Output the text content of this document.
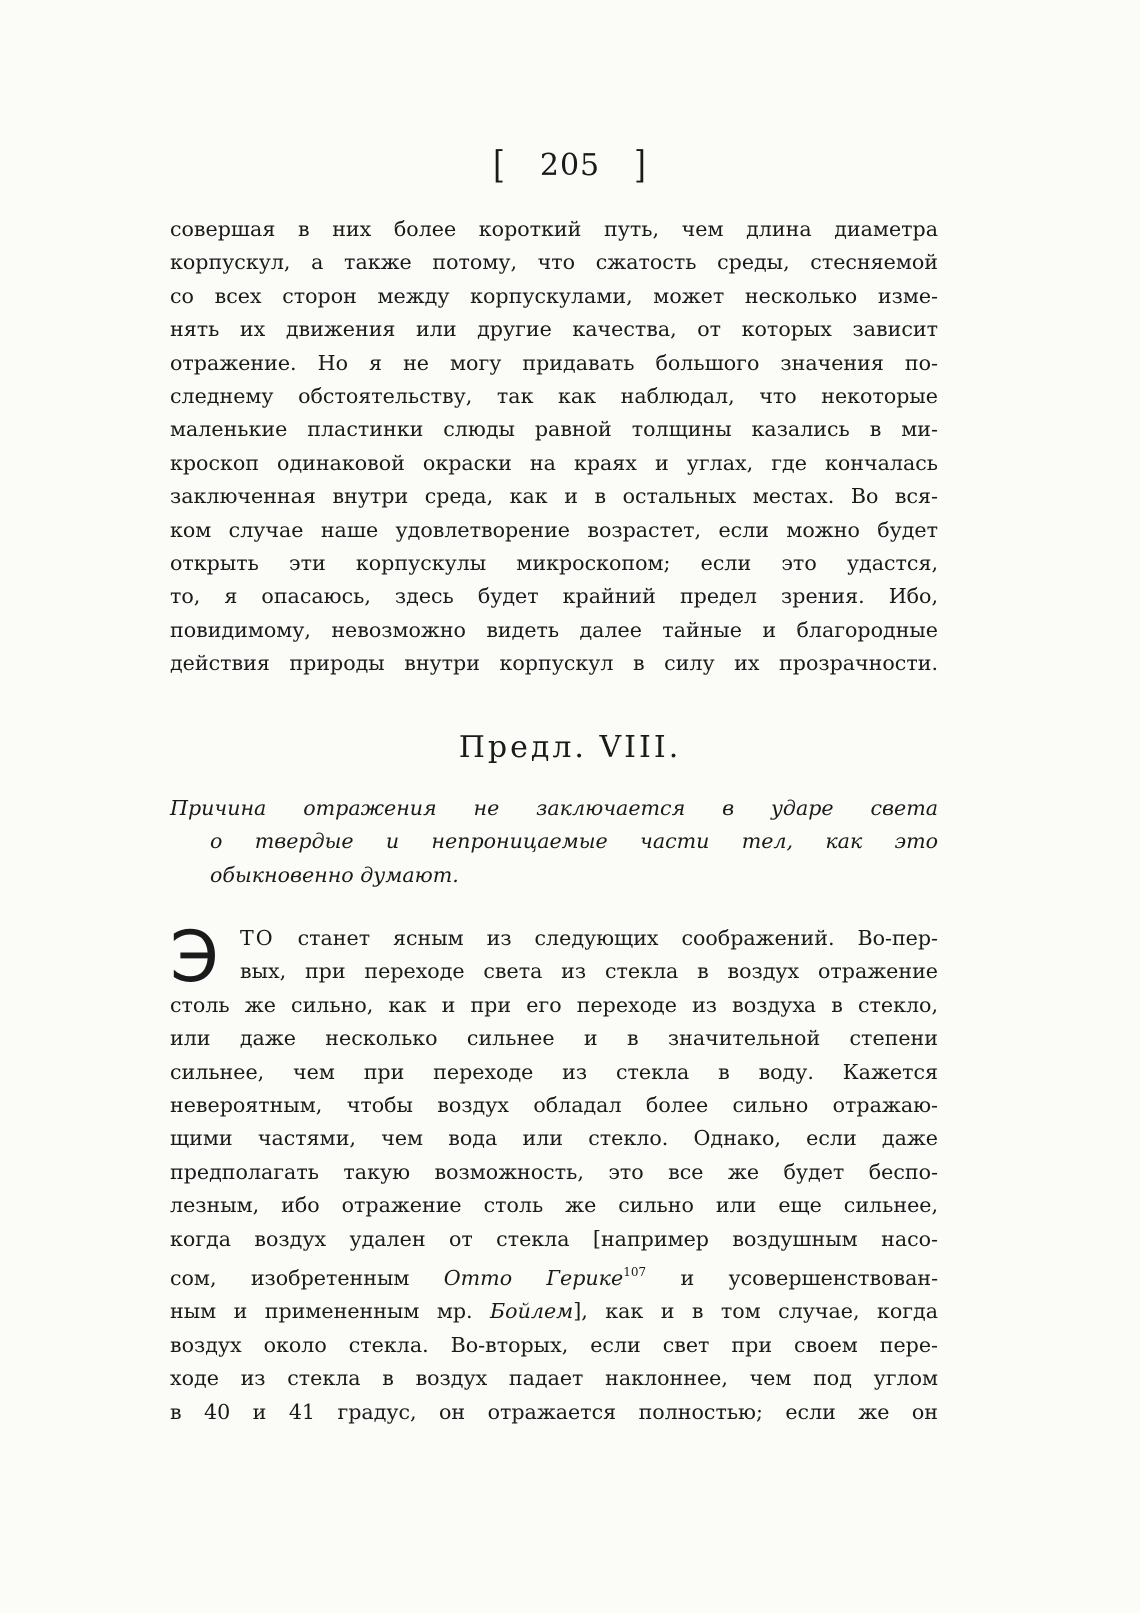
[ 205 ]
совершая в них более короткий путь, чем длина диаметра
корпускул, а также потому, что сжатость среды, стесняемой
со всех сторон между корпускулами, может несколько изме-
нять их движения или другие качества, от которых зависит
отражение. Но я не могу придавать большого значения по-
следнему обстоятельству, так как наблюдал, что некоторые
маленькие пластинки слюды равной толщины казались в ми-
кроскоп одинаковой окраски на краях и углах, где кончалась
заключенная внутри среда, как и в остальных местах. Во вся-
ком случае наше удовлетворение возрастет, если можно будет
открыть эти корпускулы микроскопом; если это удастся,
то, я опасаюсь, здесь будет крайний предел зрения. Ибо,
повидимому, невозможно видеть далее тайные и благородные
действия природы внутри корпускул в силу их прозрачности.
Предл. VIII.
Причина отражения не заключается в ударе света
о твердые и непроницаемые части тел, как это
обыкновенно думают.
Э	ТО станет ясным из следующих соображений. Во-пер-
вых, при переходе света из стекла в воздух отражение
столь же сильно, как и при его переходе из воздуха в стекло,
или даже несколько сильнее и в значительной степени
сильнее, чем при переходе из стекла в воду. Кажется
невероятным, чтобы воздух обладал более сильно отражаю-
щими частями, чем вода или стекло. Однако, если даже
предполагать такую возможность, это все же будет беспо-
лезным, ибо отражение столь же сильно или еще сильнее,
когда воздух удален от стекла [например воздушным насо-
сом, изобретенным Отто Герике$^{107}$ и усовершенствован-
ным и примененным мр. Бойлем], как и в том случае, когда
воздух около стекла. Во-вторых, если свет при своем пере-
ходе из стекла в воздух падает наклоннее, чем под углом
в 40 и 41 градус, он отражается полностью; если же он
